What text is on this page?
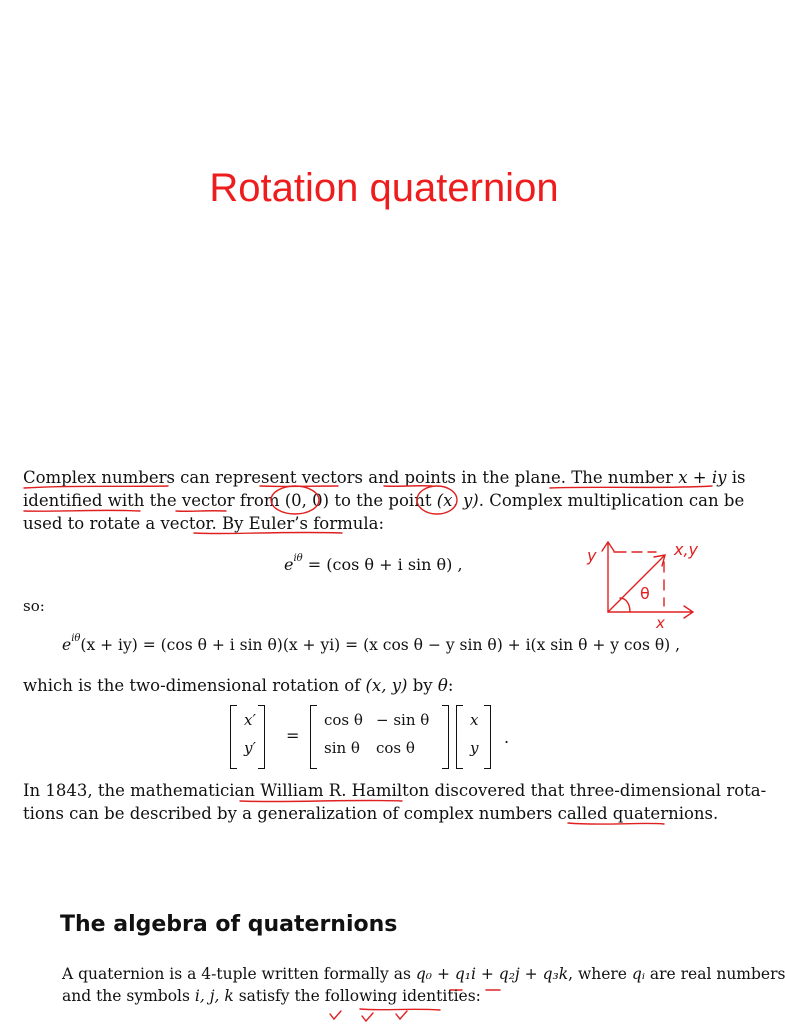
Rotation quaternion
Complex numbers can represent vectors and points in the plane. The number x + iy is
identified with the vector from (0, 0) to the point (x, y). Complex multiplication can be
used to rotate a vector. By Euler’s formula:
$e^{i\theta} = (\cos$ θ + i sin θ) ,
so:
$e^{i\theta}(x + iy) = (\cos$ θ + i sin θ)(x + yi) = (x cos θ − y sin θ) + i(x sin θ + y cos θ) ,
which is the two-dimensional rotation of (x, y) by θ:
x′
y′
=
cos θ − sin θ
sin θ cos θ
x
y
.
In 1843, the mathematician William R. Hamilton discovered that three-dimensional rota-
tions can be described by a generalization of complex numbers called quaternions.
y	x,y
θ
x
The algebra of quaternions
A quaternion is a 4-tuple written formally as q₀ + q₁i + q₂j + q₃k, where qᵢ are real numbers
and the symbols i, j, k satisfy the following identities:
